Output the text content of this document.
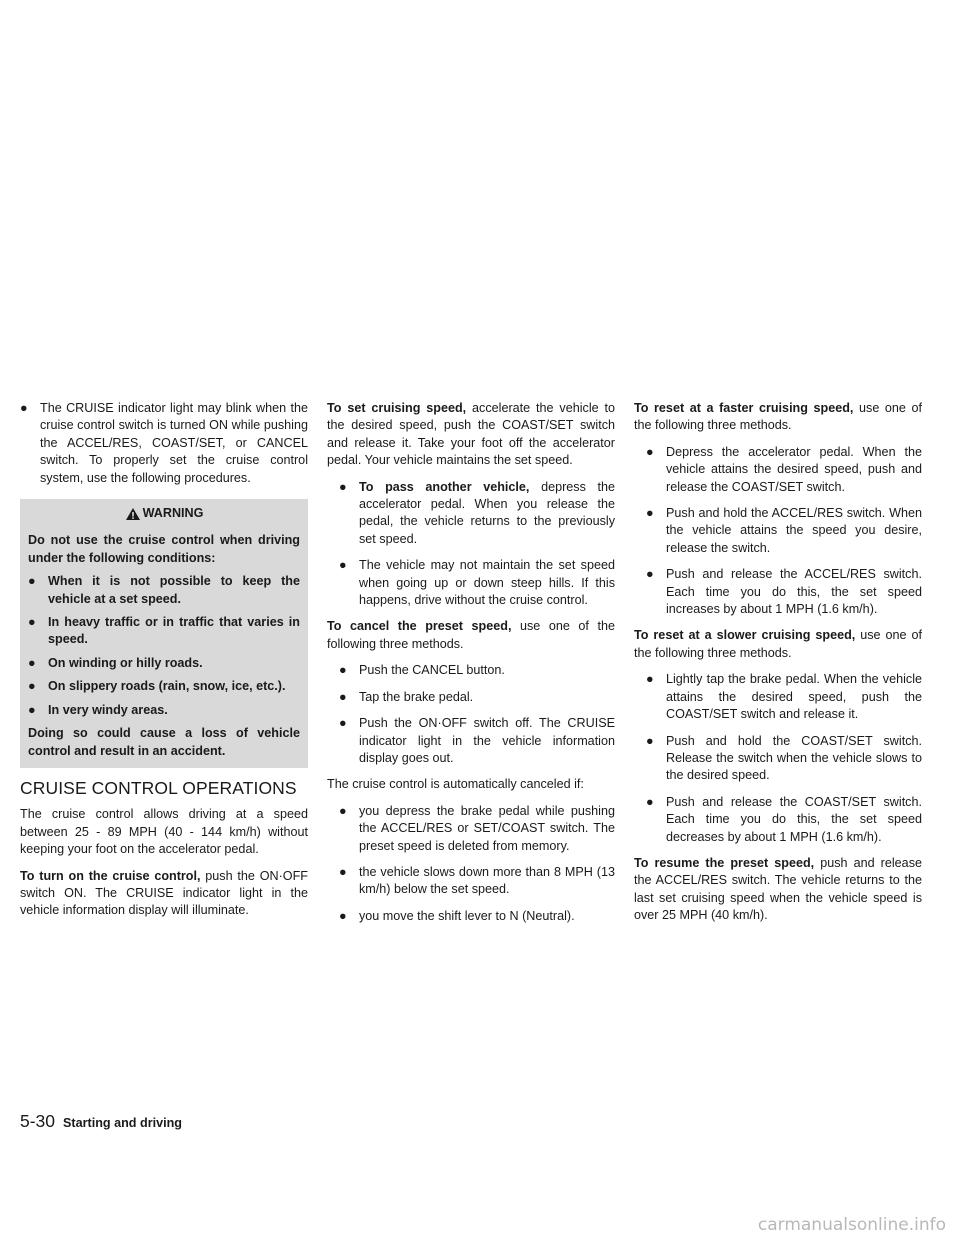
● The CRUISE indicator light may blink when the cruise control switch is turned ON while pushing the ACCEL/RES, COAST/SET, or CANCEL switch. To properly set the cruise control system, use the following procedures.
WARNING

Do not use the cruise control when driving under the following conditions:

● When it is not possible to keep the vehicle at a set speed.
● In heavy traffic or in traffic that varies in speed.
● On winding or hilly roads.
● On slippery roads (rain, snow, ice, etc.).
● In very windy areas.

Doing so could cause a loss of vehicle control and result in an accident.

CRUISE CONTROL OPERATIONS

The cruise control allows driving at a speed between 25 - 89 MPH (40 - 144 km/h) without keeping your foot on the accelerator pedal.

To turn on the cruise control, push the ON·OFF switch ON. The CRUISE indicator light in the vehicle information display will illuminate.

To set cruising speed, accelerate the vehicle to the desired speed, push the COAST/SET switch and release it. Take your foot off the accelerator pedal. Your vehicle maintains the set speed.

● To pass another vehicle, depress the accelerator pedal. When you release the pedal, the vehicle returns to the previously set speed.
● The vehicle may not maintain the set speed when going up or down steep hills. If this happens, drive without the cruise control.

To cancel the preset speed, use one of the following three methods.

● Push the CANCEL button.
● Tap the brake pedal.
● Push the ON·OFF switch off. The CRUISE indicator light in the vehicle information display goes out.

The cruise control is automatically canceled if:

● you depress the brake pedal while pushing the ACCEL/RES or SET/COAST switch. The preset speed is deleted from memory.
● the vehicle slows down more than 8 MPH (13 km/h) below the set speed.
● you move the shift lever to N (Neutral).

To reset at a faster cruising speed, use one of the following three methods.

● Depress the accelerator pedal. When the vehicle attains the desired speed, push and release the COAST/SET switch.
● Push and hold the ACCEL/RES switch. When the vehicle attains the speed you desire, release the switch.
● Push and release the ACCEL/RES switch. Each time you do this, the set speed increases by about 1 MPH (1.6 km/h).

To reset at a slower cruising speed, use one of the following three methods.

● Lightly tap the brake pedal. When the vehicle attains the desired speed, push the COAST/SET switch and release it.
● Push and hold the COAST/SET switch. Release the switch when the vehicle slows to the desired speed.
● Push and release the COAST/SET switch. Each time you do this, the set speed decreases by about 1 MPH (1.6 km/h).

To resume the preset speed, push and release the ACCEL/RES switch. The vehicle returns to the last set cruising speed when the vehicle speed is over 25 MPH (40 km/h).

5-30 Starting and driving
carmanualsonline.info
